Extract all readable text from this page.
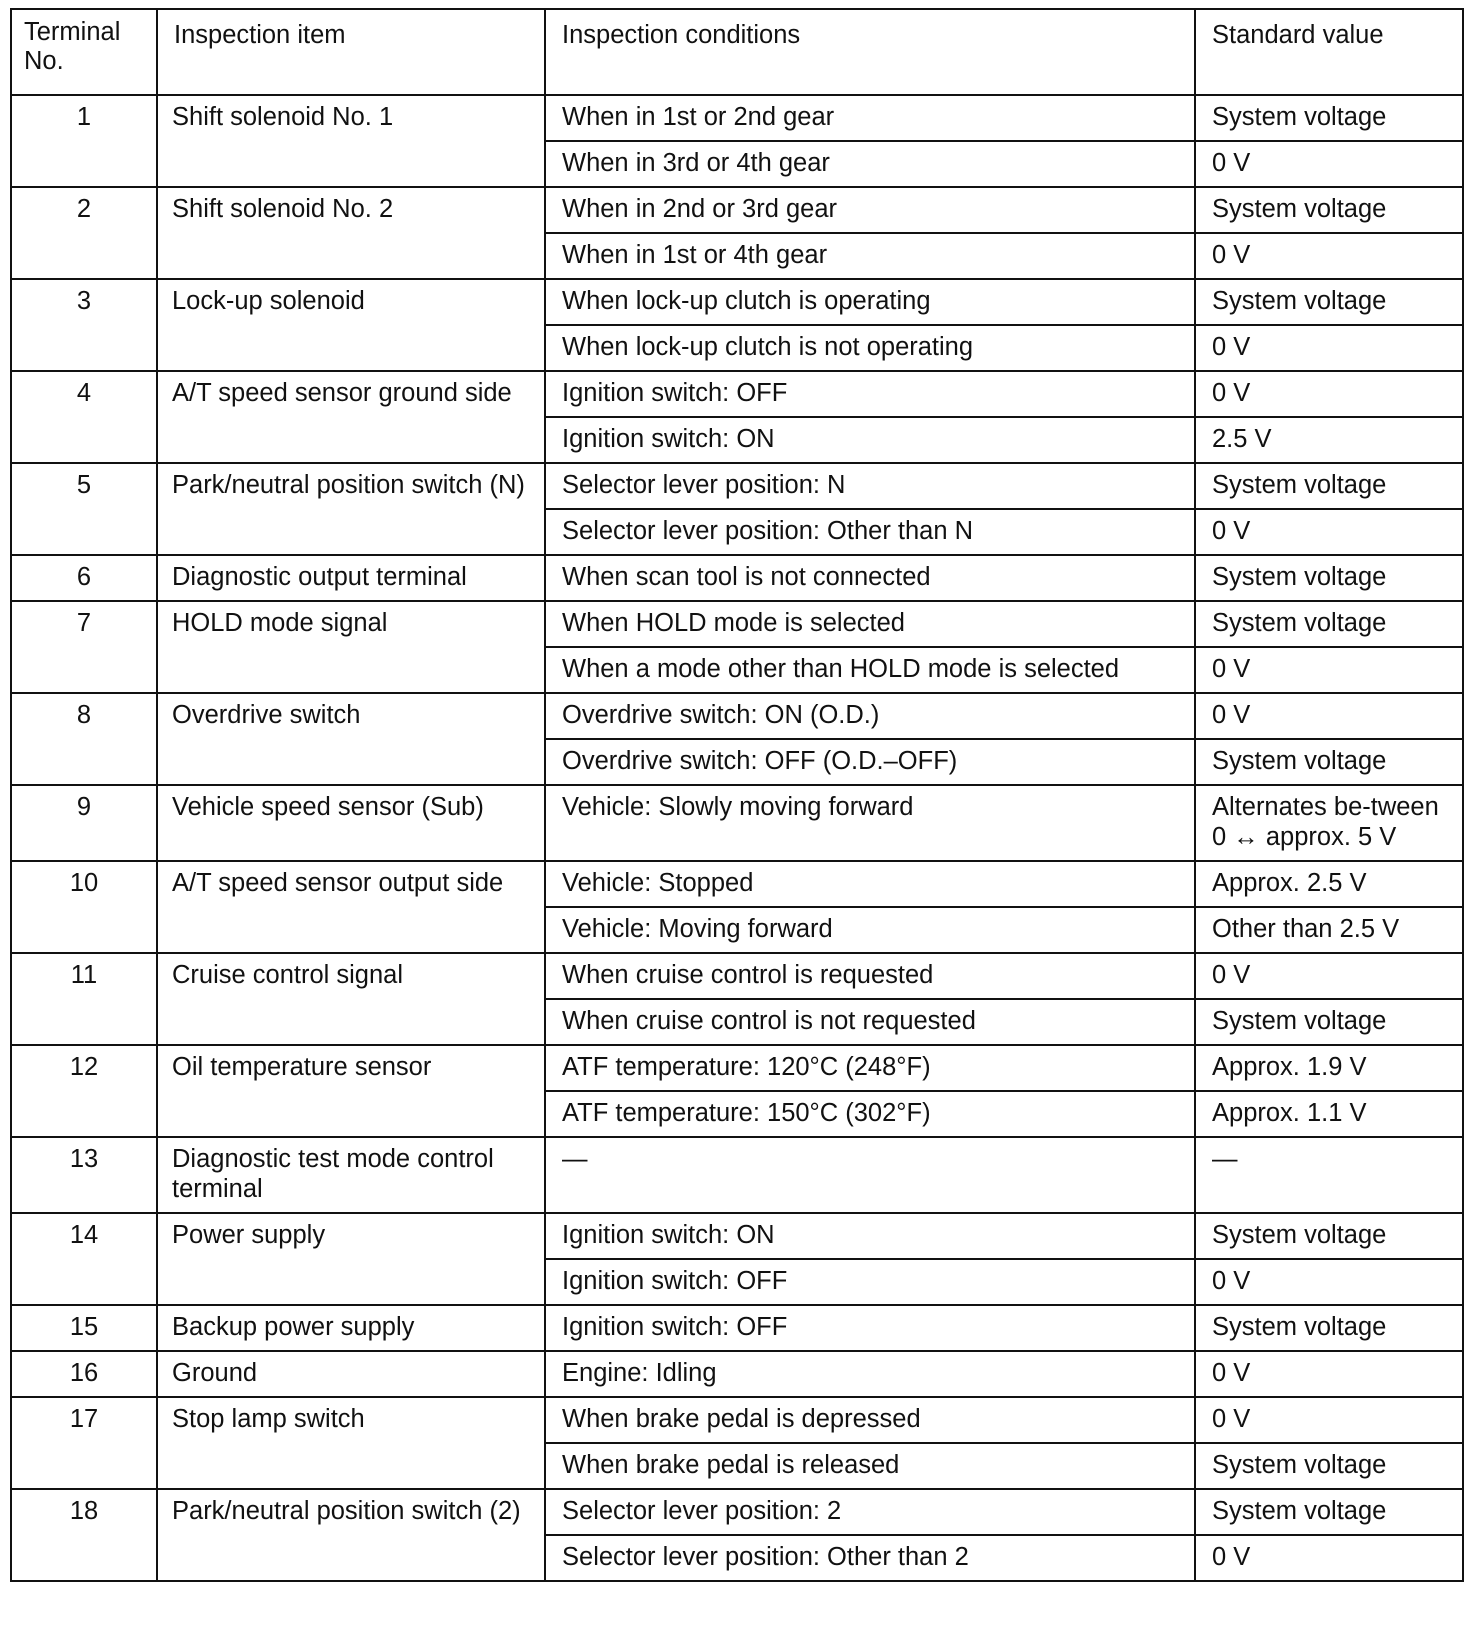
Terminal No.	Inspection item	Inspection conditions	Standard value
1	Shift solenoid No. 1	When in 1st or 2nd gear	System voltage
		When in 3rd or 4th gear	0 V
2	Shift solenoid No. 2	When in 2nd or 3rd gear	System voltage
		When in 1st or 4th gear	0 V
3	Lock-up solenoid	When lock-up clutch is operating	System voltage
		When lock-up clutch is not operating	0 V
4	A/T speed sensor ground side	Ignition switch: OFF	0 V
		Ignition switch: ON	2.5 V
5	Park/neutral position switch (N)	Selector lever position: N	System voltage
		Selector lever position: Other than N	0 V
6	Diagnostic output terminal	When scan tool is not connected	System voltage
7	HOLD mode signal	When HOLD mode is selected	System voltage
		When a mode other than HOLD mode is selected	0 V
8	Overdrive switch	Overdrive switch: ON (O.D.)	0 V
		Overdrive switch: OFF (O.D.–OFF)	System voltage
9	Vehicle speed sensor (Sub)	Vehicle: Slowly moving forward	Alternates be-tween 0 ↔ approx. 5 V
10	A/T speed sensor output side	Vehicle: Stopped	Approx. 2.5 V
		Vehicle: Moving forward	Other than 2.5 V
11	Cruise control signal	When cruise control is requested	0 V
		When cruise control is not requested	System voltage
12	Oil temperature sensor	ATF temperature: 120°C (248°F)	Approx. 1.9 V
		ATF temperature: 150°C (302°F)	Approx. 1.1 V
13	Diagnostic test mode control terminal	—	—
14	Power supply	Ignition switch: ON	System voltage
		Ignition switch: OFF	0 V
15	Backup power supply	Ignition switch: OFF	System voltage
16	Ground	Engine: Idling	0 V
17	Stop lamp switch	When brake pedal is depressed	0 V
		When brake pedal is released	System voltage
18	Park/neutral position switch (2)	Selector lever position: 2	System voltage
		Selector lever position: Other than 2	0 V
